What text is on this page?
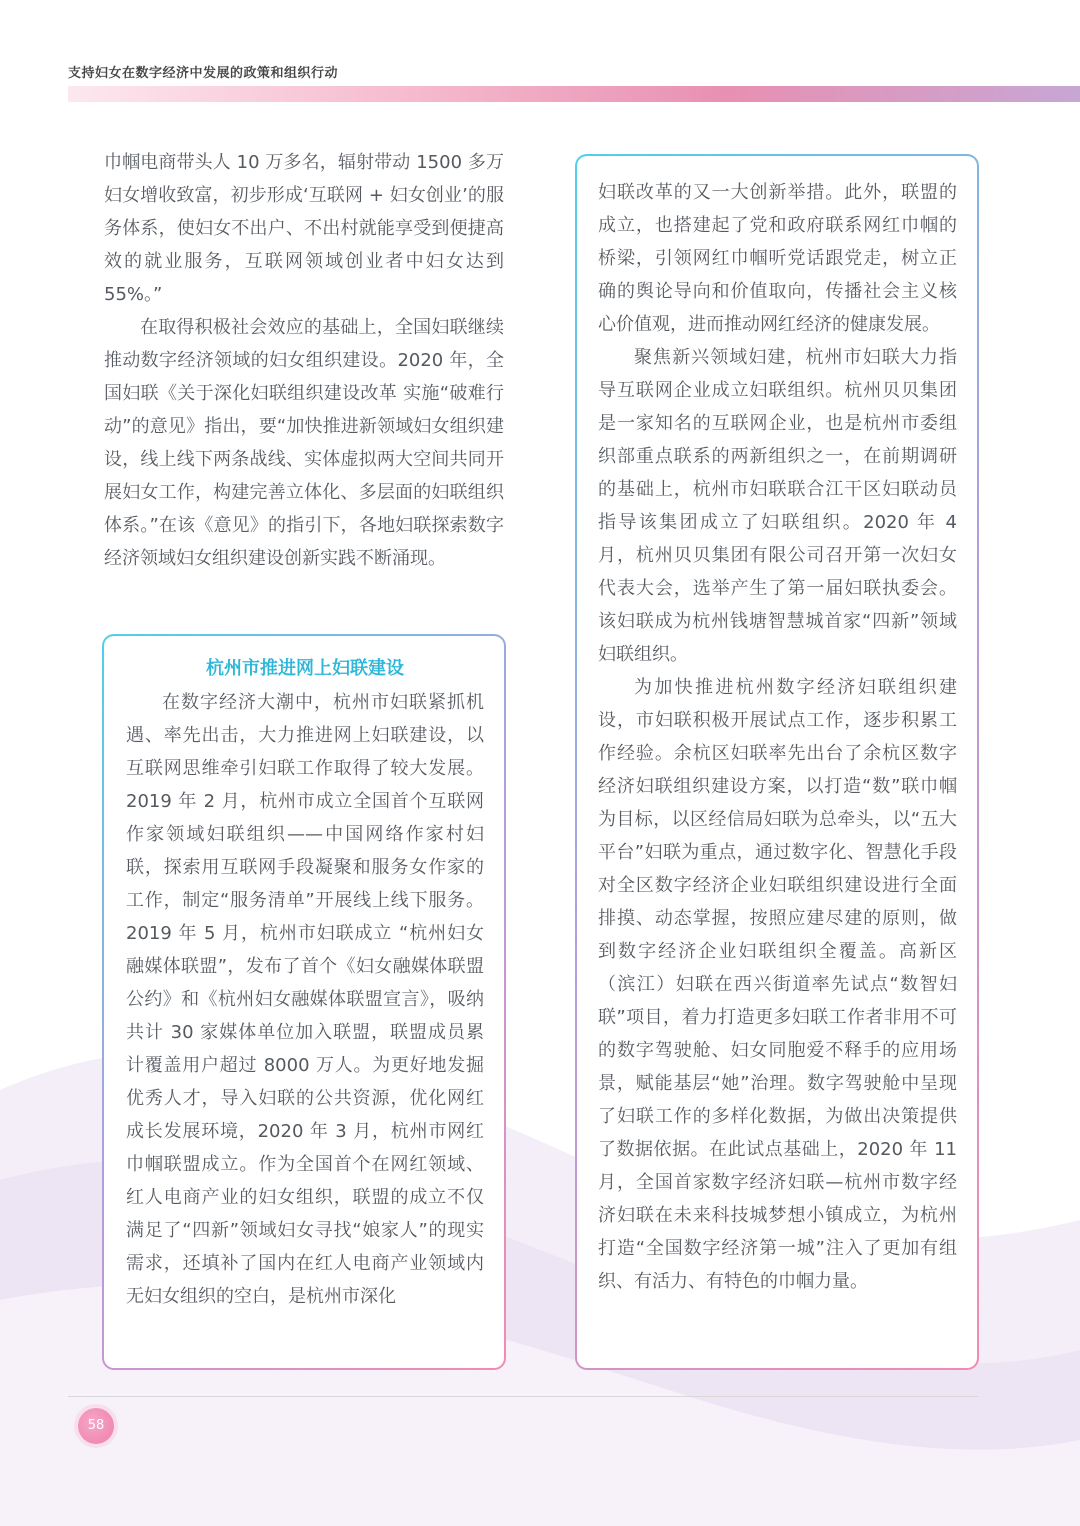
支持妇女在数字经济中发展的政策和组织行动

巾帼电商带头人 10 万多名，辐射带动 1500 多万妇女增收致富，初步形成‘互联网 + 妇女创业’的服务体系，使妇女不出户、不出村就能享受到便捷高效的就业服务，互联网领域创业者中妇女达到 55%。”

在取得积极社会效应的基础上，全国妇联继续推动数字经济领域的妇女组织建设。2020 年，全国妇联《关于深化妇联组织建设改革 实施“破难行动”的意见》指出，要“加快推进新领域妇女组织建设，线上线下两条战线、实体虚拟两大空间共同开展妇女工作，构建完善立体化、多层面的妇联组织体系。”在该《意见》的指引下，各地妇联探索数字经济领域妇女组织建设创新实践不断涌现。

杭州市推进网上妇联建设

在数字经济大潮中，杭州市妇联紧抓机遇、率先出击，大力推进网上妇联建设，以互联网思维牵引妇联工作取得了较大发展。2019 年 2 月，杭州市成立全国首个互联网作家领域妇联组织——中国网络作家村妇联，探索用互联网手段凝聚和服务女作家的工作，制定“服务清单”开展线上线下服务。2019 年 5 月，杭州市妇联成立 “杭州妇女融媒体联盟”，发布了首个《妇女融媒体联盟公约》和《杭州妇女融媒体联盟宣言》，吸纳共计 30 家媒体单位加入联盟，联盟成员累计覆盖用户超过 8000 万人。为更好地发掘优秀人才，导入妇联的公共资源，优化网红成长发展环境，2020 年 3 月，杭州市网红巾帼联盟成立。作为全国首个在网红领域、红人电商产业的妇女组织，联盟的成立不仅满足了“四新”领域妇女寻找“娘家人”的现实需求，还填补了国内在红人电商产业领域内无妇女组织的空白，是杭州市深化

妇联改革的又一大创新举措。此外，联盟的成立，也搭建起了党和政府联系网红巾帼的桥梁，引领网红巾帼听党话跟党走，树立正确的舆论导向和价值取向，传播社会主义核心价值观，进而推动网红经济的健康发展。

聚焦新兴领域妇建，杭州市妇联大力指导互联网企业成立妇联组织。杭州贝贝集团是一家知名的互联网企业，也是杭州市委组织部重点联系的两新组织之一，在前期调研的基础上，杭州市妇联联合江干区妇联动员指导该集团成立了妇联组织。2020 年 4 月，杭州贝贝集团有限公司召开第一次妇女代表大会，选举产生了第一届妇联执委会。该妇联成为杭州钱塘智慧城首家“四新”领域妇联组织。

为加快推进杭州数字经济妇联组织建设，市妇联积极开展试点工作，逐步积累工作经验。余杭区妇联率先出台了余杭区数字经济妇联组织建设方案，以打造“数”联巾帼为目标，以区经信局妇联为总牵头，以“五大平台”妇联为重点，通过数字化、智慧化手段对全区数字经济企业妇联组织建设进行全面排摸、动态掌握，按照应建尽建的原则，做到数字经济企业妇联组织全覆盖。高新区（滨江）妇联在西兴街道率先试点“数智妇联”项目，着力打造更多妇联工作者非用不可的数字驾驶舱、妇女同胞爱不释手的应用场景，赋能基层“她”治理。数字驾驶舱中呈现了妇联工作的多样化数据，为做出决策提供了数据依据。在此试点基础上，2020 年 11 月，全国首家数字经济妇联—杭州市数字经济妇联在未来科技城梦想小镇成立，为杭州打造“全国数字经济第一城”注入了更加有组织、有活力、有特色的巾帼力量。

58
